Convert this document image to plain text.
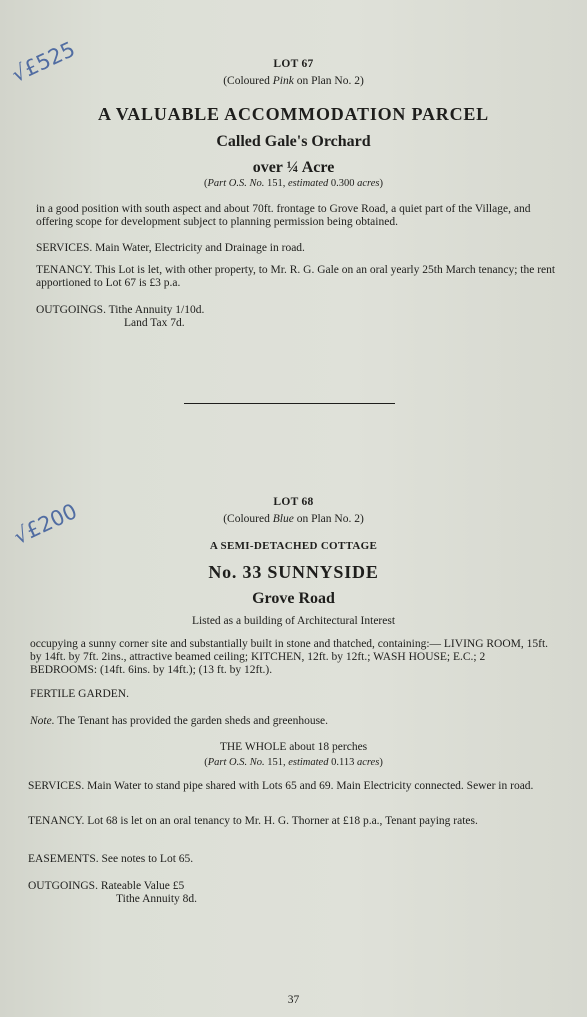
√£525
√£200
LOT 67
(Coloured Pink on Plan No. 2)
A VALUABLE ACCOMMODATION PARCEL
Called Gale's Orchard
over ¼ Acre
(Part O.S. No. 151, estimated 0.300 acres)
in a good position with south aspect and about 70ft. frontage to Grove Road, a quiet part of the Village, and offering scope for development subject to planning permission being obtained.
SERVICES. Main Water, Electricity and Drainage in road.
TENANCY. This Lot is let, with other property, to Mr. R. G. Gale on an oral yearly 25th March tenancy; the rent apportioned to Lot 67 is £3 p.a.
OUTGOINGS. Tithe Annuity 1/10d.
Land Tax 7d.
LOT 68
(Coloured Blue on Plan No. 2)
A SEMI-DETACHED COTTAGE
No. 33 SUNNYSIDE
Grove Road
Listed as a building of Architectural Interest
occupying a sunny corner site and substantially built in stone and thatched, containing:— LIVING ROOM, 15ft. by 14ft. by 7ft. 2ins., attractive beamed ceiling; KITCHEN, 12ft. by 12ft.; WASH HOUSE; E.C.; 2 BEDROOMS: (14ft. 6ins. by 14ft.); (13 ft. by 12ft.).
FERTILE GARDEN.
Note. The Tenant has provided the garden sheds and greenhouse.
THE WHOLE about 18 perches
(Part O.S. No. 151, estimated 0.113 acres)
SERVICES. Main Water to stand pipe shared with Lots 65 and 69. Main Electricity connected. Sewer in road.
TENANCY. Lot 68 is let on an oral tenancy to Mr. H. G. Thorner at £18 p.a., Tenant paying rates.
EASEMENTS. See notes to Lot 65.
OUTGOINGS. Rateable Value £5
Tithe Annuity 8d.
37
